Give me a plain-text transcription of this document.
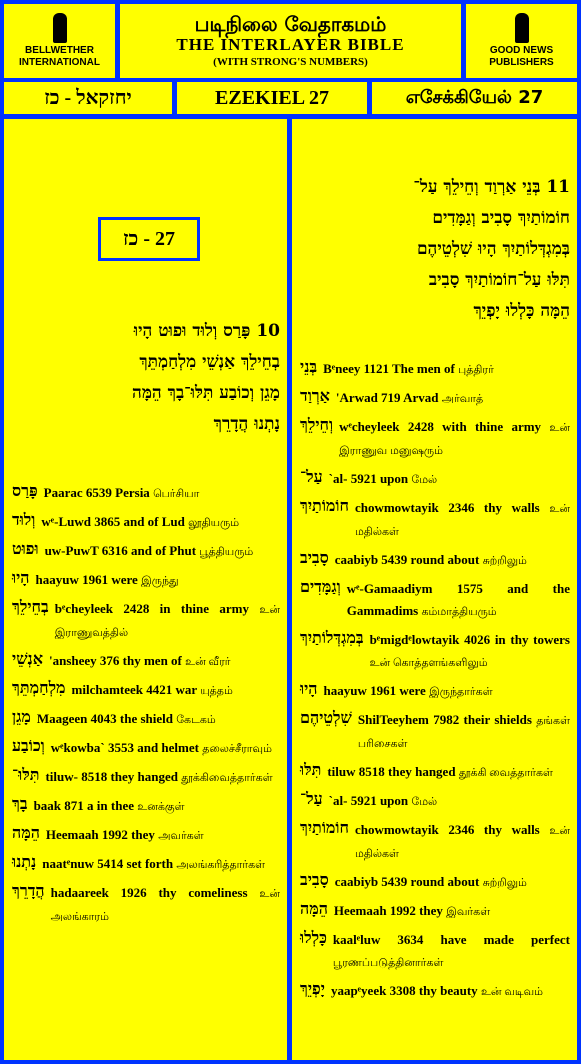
BELLWETHER INTERNATIONAL
படிநிலை வேதாகமம்
THE INTERLAYER BIBLE
(WITH STRONG'S NUMBERS)
GOOD NEWS PUBLISHERS
יחזקאל - כז	EZEKIEL 27	எசேக்கியேல் 27
27 - כז
10 פָּרַס וְלוּד וּפוּט הָיוּ
בְחֵילֵךְ אַנְשֵׁי מִלְחַמְתֵּךְ
מָגֵן וְכוֹבַע תִּלּוּ־בָךְ הֵמָּה
נָתְנוּ הֲדָרֵךְ
11 בְּנֵי אַרְוַד וְחֵילֵךְ עַל־
חוֹמוֹתַיִךְ סָבִיב וְגַמָּדִים
בְּמִגְדְּלוֹתַיִךְ הָיוּ שִׁלְטֵיהֶם
תִּלּוּ עַל־חוֹמוֹתַיִךְ סָבִיב
הֵמָּה כָּלְלוּ יָפְיֵךְ
פָּרַס Paarac 6539 Persia பெர்சியா
וְלוּד wᵉ-Luwd 3865 and of Lud லூதியரும்
וּפוּט uw-PuwT 6316 and of Phut பூத்தியரும்
הָיוּ haayuw 1961 were இருந்து
בְחֵילֵךְ bᵉcheyleek 2428 in thine army உன் இராணுவத்தில்
אַנְשֵׁי 'ansheey 376 thy men of உன் வீரர்
מִלְחַמְתֵּךְ milchamteek 4421 war யுத்தம்
מָגֵן Maageen 4043 the shield கேடகம்
וְכוֹבַע wᵉkowba` 3553 and helmet தலைச்சீராவும்
תִּלּוּ־ tiluw- 8518 they hanged தூக்கிவைத்தார்கள்
בָךְ baak 871 a in thee உனக்குள்
הֵמָּה Heemaah 1992 they அவர்கள்
נָתְנוּ naatᵉnuw 5414 set forth அலங்கரித்தார்கள்
הֲדָרֵךְ hadaareek 1926 thy comeliness உன் அலங்காரம்
בְּנֵי Bᵉneey 1121 The men of புத்திரர்
אַרְוַד 'Arwad 719 Arvad அர்வாத்
וְחֵילֵךְ wᵉcheyleek 2428 with thine army உன் இராணுவ மனுஷரும்
עַל־ `al- 5921 upon மேல்
חוֹמוֹתַיִךְ chowmowtayik 2346 thy walls உன் மதில்கள்
סָבִיב caabiyb 5439 round about சுற்றிலும்
וְגַמָּדִים wᵉ-Gamaadiym 1575 and the Gammadims கம்மாத்தியரும்
בְּמִגְדְּלוֹתַיִךְ bᵉmigdᵉlowtayik 4026 in thy towers உன் கொத்தளங்களிலும்
הָיוּ haayuw 1961 were இருந்தார்கள்
שִׁלְטֵיהֶם ShilTeeyhem 7982 their shields தங்கள் பரிசைகள்
תִּלּוּ tiluw 8518 they hanged தூக்கி வைத்தார்கள்
עַל־ `al- 5921 upon மேல்
חוֹמוֹתַיִךְ chowmowtayik 2346 thy walls உன் மதில்கள்
סָבִיב caabiyb 5439 round about சுற்றிலும்
הֵמָּה Heemaah 1992 they இவர்கள்
כָּלְלוּ kaalᵉluw 3634 have made perfect பூரணப்படுத்தினார்கள்
יָפְיֵךְ yaapᵉyeek 3308 thy beauty உன் வடிவம்
